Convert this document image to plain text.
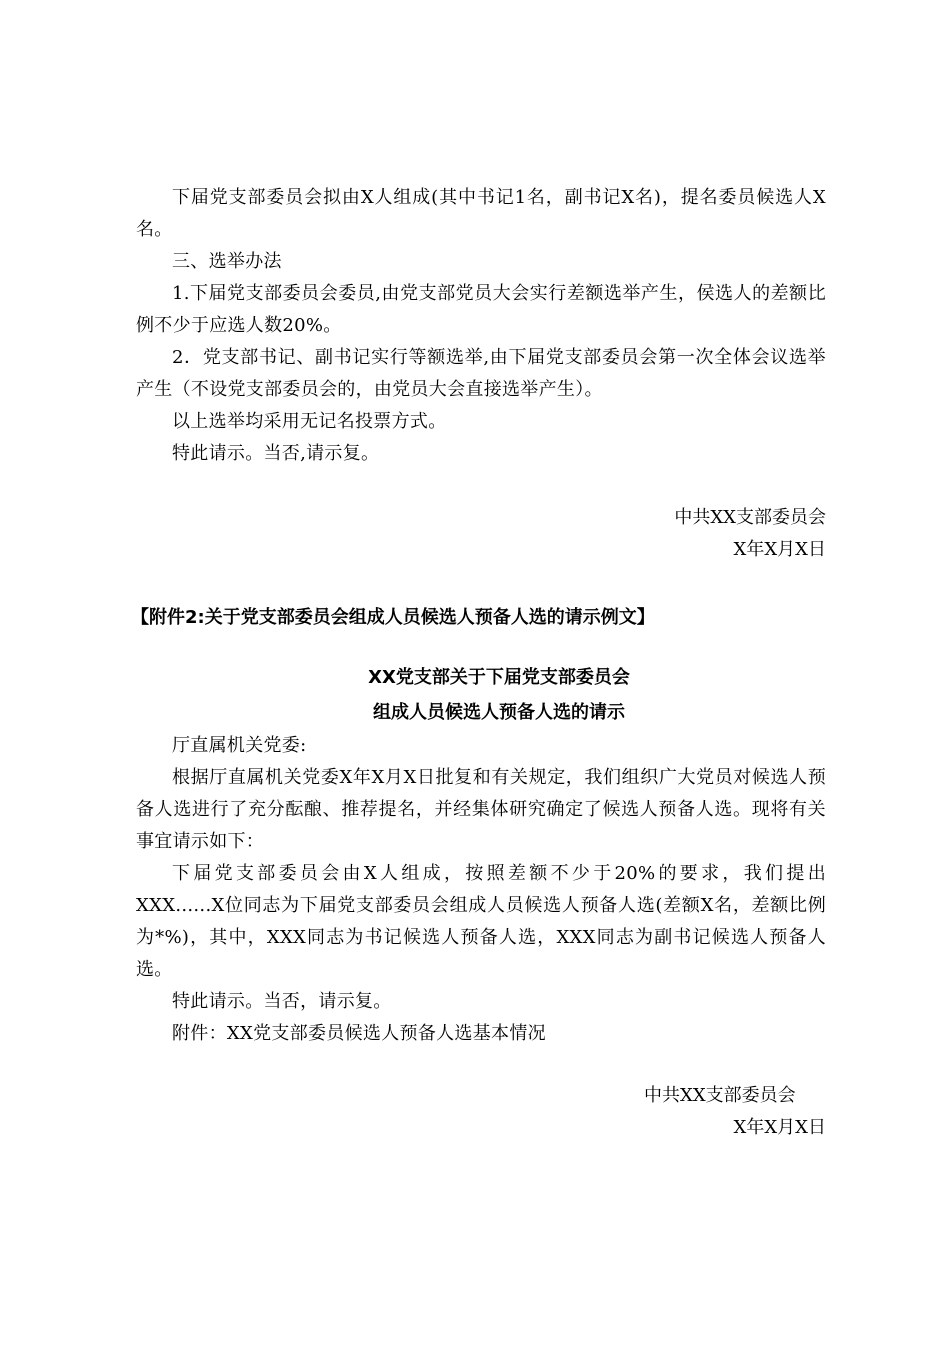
下届党支部委员会拟由X人组成(其中书记1名，副书记X名)，提名委员候选人X名。

三、选举办法

1.下届党支部委员会委员,由党支部党员大会实行差额选举产生，侯选人的差额比例不少于应选人数20%。

2．党支部书记、副书记实行等额选举,由下届党支部委员会第一次全体会议选举产生（不设党支部委员会的，由党员大会直接选举产生）。

以上选举均采用无记名投票方式。

特此请示。当否,请示复。

中共XX支部委员会
X年X月X日
【附件2:关于党支部委员会组成人员候选人预备人选的请示例文】
XX党支部关于下届党支部委员会
组成人员候选人预备人选的请示

厅直属机关党委:

根据厅直属机关党委X年X月X日批复和有关规定，我们组织广大党员对候选人预备人选进行了充分酝酿、推荐提名，并经集体研究确定了候选人预备人选。现将有关事宜请示如下：

下届党支部委员会由X人组成，按照差额不少于20%的要求，我们提出XXX......X位同志为下届党支部委员会组成人员候选人预备人选(差额X名，差额比例为*%)，其中，XXX同志为书记候选人预备人选，XXX同志为副书记候选人预备人选。

特此请示。当否，请示复。

附件：XX党支部委员候选人预备人选基本情况

中共XX支部委员会
X年X月X日
